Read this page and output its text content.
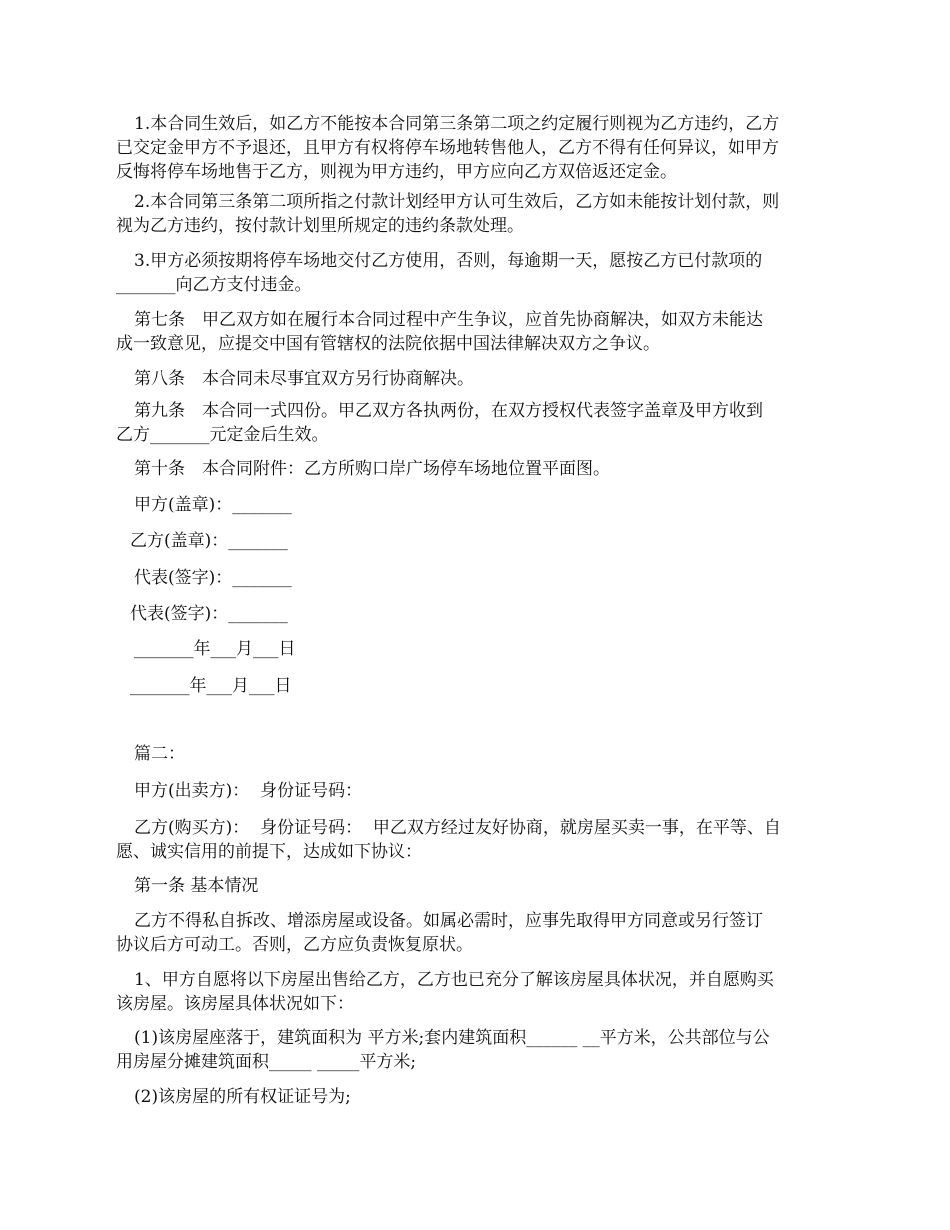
1.本合同生效后，如乙方不能按本合同第三条第二项之约定履行则视为乙方违约，乙方
已交定金甲方不予退还，且甲方有权将停车场地转售他人，乙方不得有任何异议，如甲方
反悔将停车场地售于乙方，则视为甲方违约，甲方应向乙方双倍返还定金。
2.本合同第三条第二项所指之付款计划经甲方认可生效后，乙方如未能按计划付款，则
视为乙方违约，按付款计划里所规定的违约条款处理。
3.甲方必须按期将停车场地交付乙方使用，否则，每逾期一天，愿按乙方已付款项的
_______向乙方支付违金。
第七条　甲乙双方如在履行本合同过程中产生争议，应首先协商解决，如双方未能达
成一致意见，应提交中国有管辖权的法院依据中国法律解决双方之争议。
第八条　本合同未尽事宜双方另行协商解决。
第九条　本合同一式四份。甲乙双方各执两份，在双方授权代表签字盖章及甲方收到
乙方_______元定金后生效。
第十条　本合同附件：乙方所购口岸广场停车场地位置平面图。
甲方(盖章)：_______
乙方(盖章)：_______
代表(签字)：_______
代表(签字)：_______
_______年___月___日
_______年___月___日
篇二：
甲方(出卖方)：  身份证号码：
乙方(购买方)：  身份证号码：  甲乙双方经过友好协商，就房屋买卖一事，在平等、自
愿、诚实信用的前提下，达成如下协议：
第一条 基本情况
乙方不得私自拆改、增添房屋或设备。如属必需时，应事先取得甲方同意或另行签订
协议后方可动工。否则，乙方应负责恢复原状。
1、甲方自愿将以下房屋出售给乙方，乙方也已充分了解该房屋具体状况，并自愿购买
该房屋。该房屋具体状况如下：
(1)该房屋座落于，建筑面积为 平方米;套内建筑面积______ __平方米，公共部位与公
用房屋分摊建筑面积_____ _____平方米;
(2)该房屋的所有权证证号为;
